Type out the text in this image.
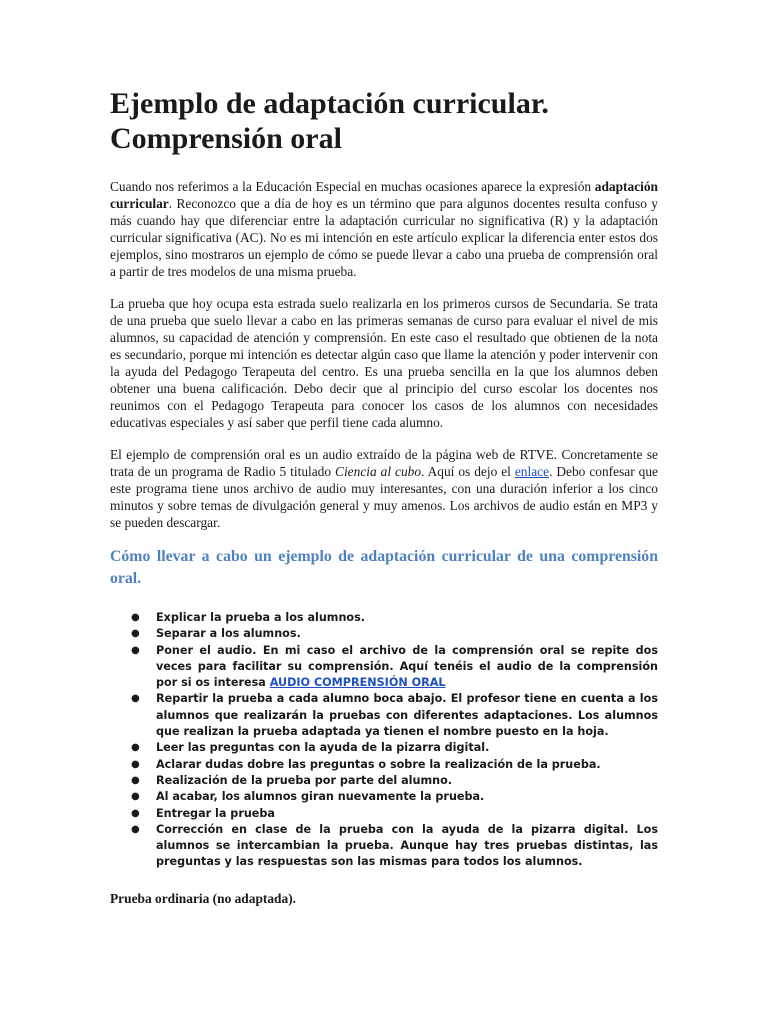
Ejemplo de adaptación curricular.
Comprensión oral

Cuando nos referimos a la Educación Especial en muchas ocasiones aparece la expresión adaptación curricular. Reconozco que a día de hoy es un término que para algunos docentes resulta confuso y más cuando hay que diferenciar entre la adaptación curricular no significativa (R) y la adaptación curricular significativa (AC). No es mi intención en este artículo explicar la diferencia enter estos dos ejemplos, sino mostraros un ejemplo de cómo se puede llevar a cabo una prueba de comprensión oral a partir de tres modelos de una misma prueba.

La prueba que hoy ocupa esta estrada suelo realizarla en los primeros cursos de Secundaria. Se trata de una prueba que suelo llevar a cabo en las primeras semanas de curso para evaluar el nivel de mis alumnos, su capacidad de atención y comprensión. En este caso el resultado que obtienen de la nota es secundario, porque mi intención es detectar algún caso que llame la atención y poder intervenir con la ayuda del Pedagogo Terapeuta del centro. Es una prueba sencilla en la que los alumnos deben obtener una buena calificación. Debo decir que al principio del curso escolar los docentes nos reunimos con el Pedagogo Terapeuta para conocer los casos de los alumnos con necesidades educativas especiales y así saber que perfil tiene cada alumno.

El ejemplo de comprensión oral es un audio extraído de la página web de RTVE. Concretamente se trata de un programa de Radio 5 titulado Ciencia al cubo. Aquí os dejo el enlace. Debo confesar que este programa tiene unos archivo de audio muy interesantes, con una duración inferior a los cinco minutos y sobre temas de divulgación general y muy amenos. Los archivos de audio están en MP3 y se pueden descargar.

Cómo llevar a cabo un ejemplo de adaptación curricular de una comprensión oral.
● Explicar la prueba a los alumnos.
● Separar a los alumnos.
● Poner el audio. En mi caso el archivo de la comprensión oral se repite dos veces para facilitar su comprensión. Aquí tenéis el audio de la comprensión por si os interesa AUDIO COMPRENSIÓN ORAL
● Repartir la prueba a cada alumno boca abajo. El profesor tiene en cuenta a los alumnos que realizarán la pruebas con diferentes adaptaciones. Los alumnos que realizan la prueba adaptada ya tienen el nombre puesto en la hoja.
● Leer las preguntas con la ayuda de la pizarra digital.
● Aclarar dudas dobre las preguntas o sobre la realización de la prueba.
● Realización de la prueba por parte del alumno.
● Al acabar, los alumnos giran nuevamente la prueba.
● Entregar la prueba
● Corrección en clase de la prueba con la ayuda de la pizarra digital. Los alumnos se intercambian la prueba. Aunque hay tres pruebas distintas, las preguntas y las respuestas son las mismas para todos los alumnos.

Prueba ordinaria (no adaptada).
